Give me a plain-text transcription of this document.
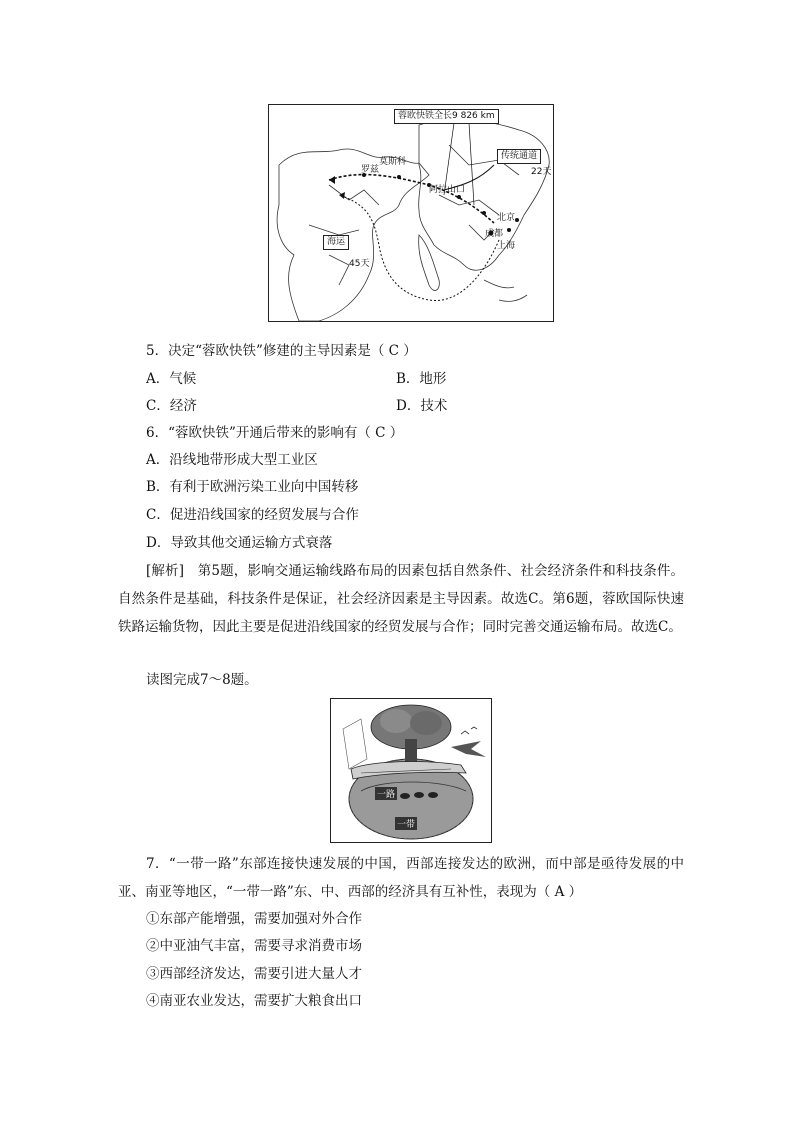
蓉欧快铁全长9 826 km
传统通道
22天
莫斯科
罗兹
阿拉山口
北京
成都
上海
海运
45天
5．决定“蓉欧快铁”修建的主导因素是（ C ）
A．气候	B．地形
C．经济	D．技术
6．“蓉欧快铁”开通后带来的影响有（ C ）
A．沿线地带形成大型工业区
B．有利于欧洲污染工业向中国转移
C．促进沿线国家的经贸发展与合作
D．导致其他交通运输方式衰落
[解析]　第5题，影响交通运输线路布局的因素包括自然条件、社会经济条件和科技条件。自然条件是基础，科技条件是保证，社会经济因素是主导因素。故选C。第6题，蓉欧国际快速铁路运输货物，因此主要是促进沿线国家的经贸发展与合作；同时完善交通运输布局。故选C。
读图完成7～8题。
一路
一带
7．“一带一路”东部连接快速发展的中国，西部连接发达的欧洲，而中部是亟待发展的中亚、南亚等地区，“一带一路”东、中、西部的经济具有互补性，表现为（ A ）
①东部产能增强，需要加强对外合作
②中亚油气丰富，需要寻求消费市场
③西部经济发达，需要引进大量人才
④南亚农业发达，需要扩大粮食出口
